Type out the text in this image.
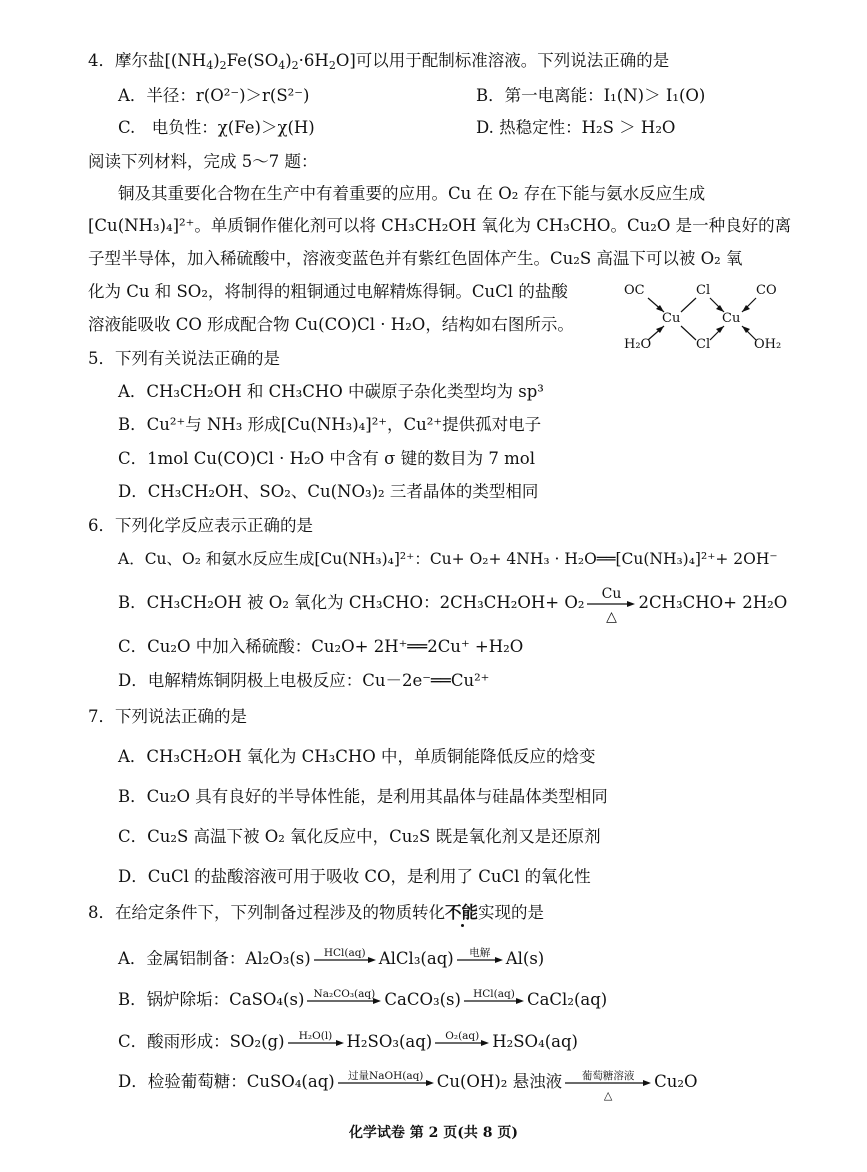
4．摩尔盐$[(NH_4)_2Fe(SO_4)_2\cdot 6H_2O]$可以用于配制标准溶液。下列说法正确的是
A．半径：r(O²⁻)＞r(S²⁻)	B．第一电离能：I₁(N)＞ I₁(O)
C.　电负性：χ(Fe)＞χ(H)	D. 热稳定性：H₂S ＞ H₂O
阅读下列材料，完成 5～7 题：
铜及其重要化合物在生产中有着重要的应用。Cu 在 O₂ 存在下能与氨水反应生成
[Cu(NH₃)₄]²⁺。单质铜作催化剂可以将 CH₃CH₂OH 氧化为 CH₃CHO。Cu₂O 是一种良好的离
子型半导体，加入稀硫酸中，溶液变蓝色并有紫红色固体产生。Cu₂S 高温下可以被 O₂ 氧
化为 Cu 和 SO₂，将制得的粗铜通过电解精炼得铜。CuCl 的盐酸
溶液能吸收 CO 形成配合物 Cu(CO)Cl · H₂O，结构如右图所示。
OC	Cl	CO
Cu	Cu
H₂O	Cl	OH₂
5．下列有关说法正确的是
A．CH₃CH₂OH 和 CH₃CHO 中碳原子杂化类型均为 sp³
B．Cu²⁺与 NH₃ 形成[Cu(NH₃)₄]²⁺，Cu²⁺提供孤对电子
C．1mol Cu(CO)Cl · H₂O 中含有 σ 键的数目为 7 mol
D．CH₃CH₂OH、SO₂、Cu(NO₃)₂ 三者晶体的类型相同
6．下列化学反应表示正确的是
A．Cu、O₂ 和氨水反应生成[Cu(NH₃)₄]²⁺：Cu+ O₂+ 4NH₃ · H₂O══[Cu(NH₃)₄]²⁺+ 2OH⁻
B．CH₃CH₂OH 被 O₂ 氧化为 CH₃CHO：2CH₃CH₂OH+ O₂	Cu
△
2CH₃CHO+ 2H₂O
C．Cu₂O 中加入稀硫酸：Cu₂O+ 2H⁺══2Cu⁺ +H₂O
D．电解精炼铜阴极上电极反应：Cu－2e⁻══Cu²⁺
7．下列说法正确的是
A．CH₃CH₂OH 氧化为 CH₃CHO 中，单质铜能降低反应的焓变
B．Cu₂O 具有良好的半导体性能，是利用其晶体与硅晶体类型相同
C．Cu₂S 高温下被 O₂ 氧化反应中，Cu₂S 既是氧化剂又是还原剂
D．CuCl 的盐酸溶液可用于吸收 CO，是利用了 CuCl 的氧化性
8．在给定条件下，下列制备过程涉及的物质转化不能实现的是
A．金属铝制备：Al₂O₃(s)	HCl(aq) AlCl₃(aq)	电解 Al(s)
B．锅炉除垢：CaSO₄(s) Na₂CO₃(aq) CaCO₃(s)	HCl(aq) CaCl₂(aq)
C．酸雨形成：SO₂(g)	H₂O(l) H₂SO₃(aq)	O₂(aq) H₂SO₄(aq)
D．检验葡萄糖：CuSO₄(aq)	过量NaOH(aq) Cu(OH)₂ 悬浊液	葡萄糖溶液
△
Cu₂O
化学试卷 第 2 页(共 8 页)
